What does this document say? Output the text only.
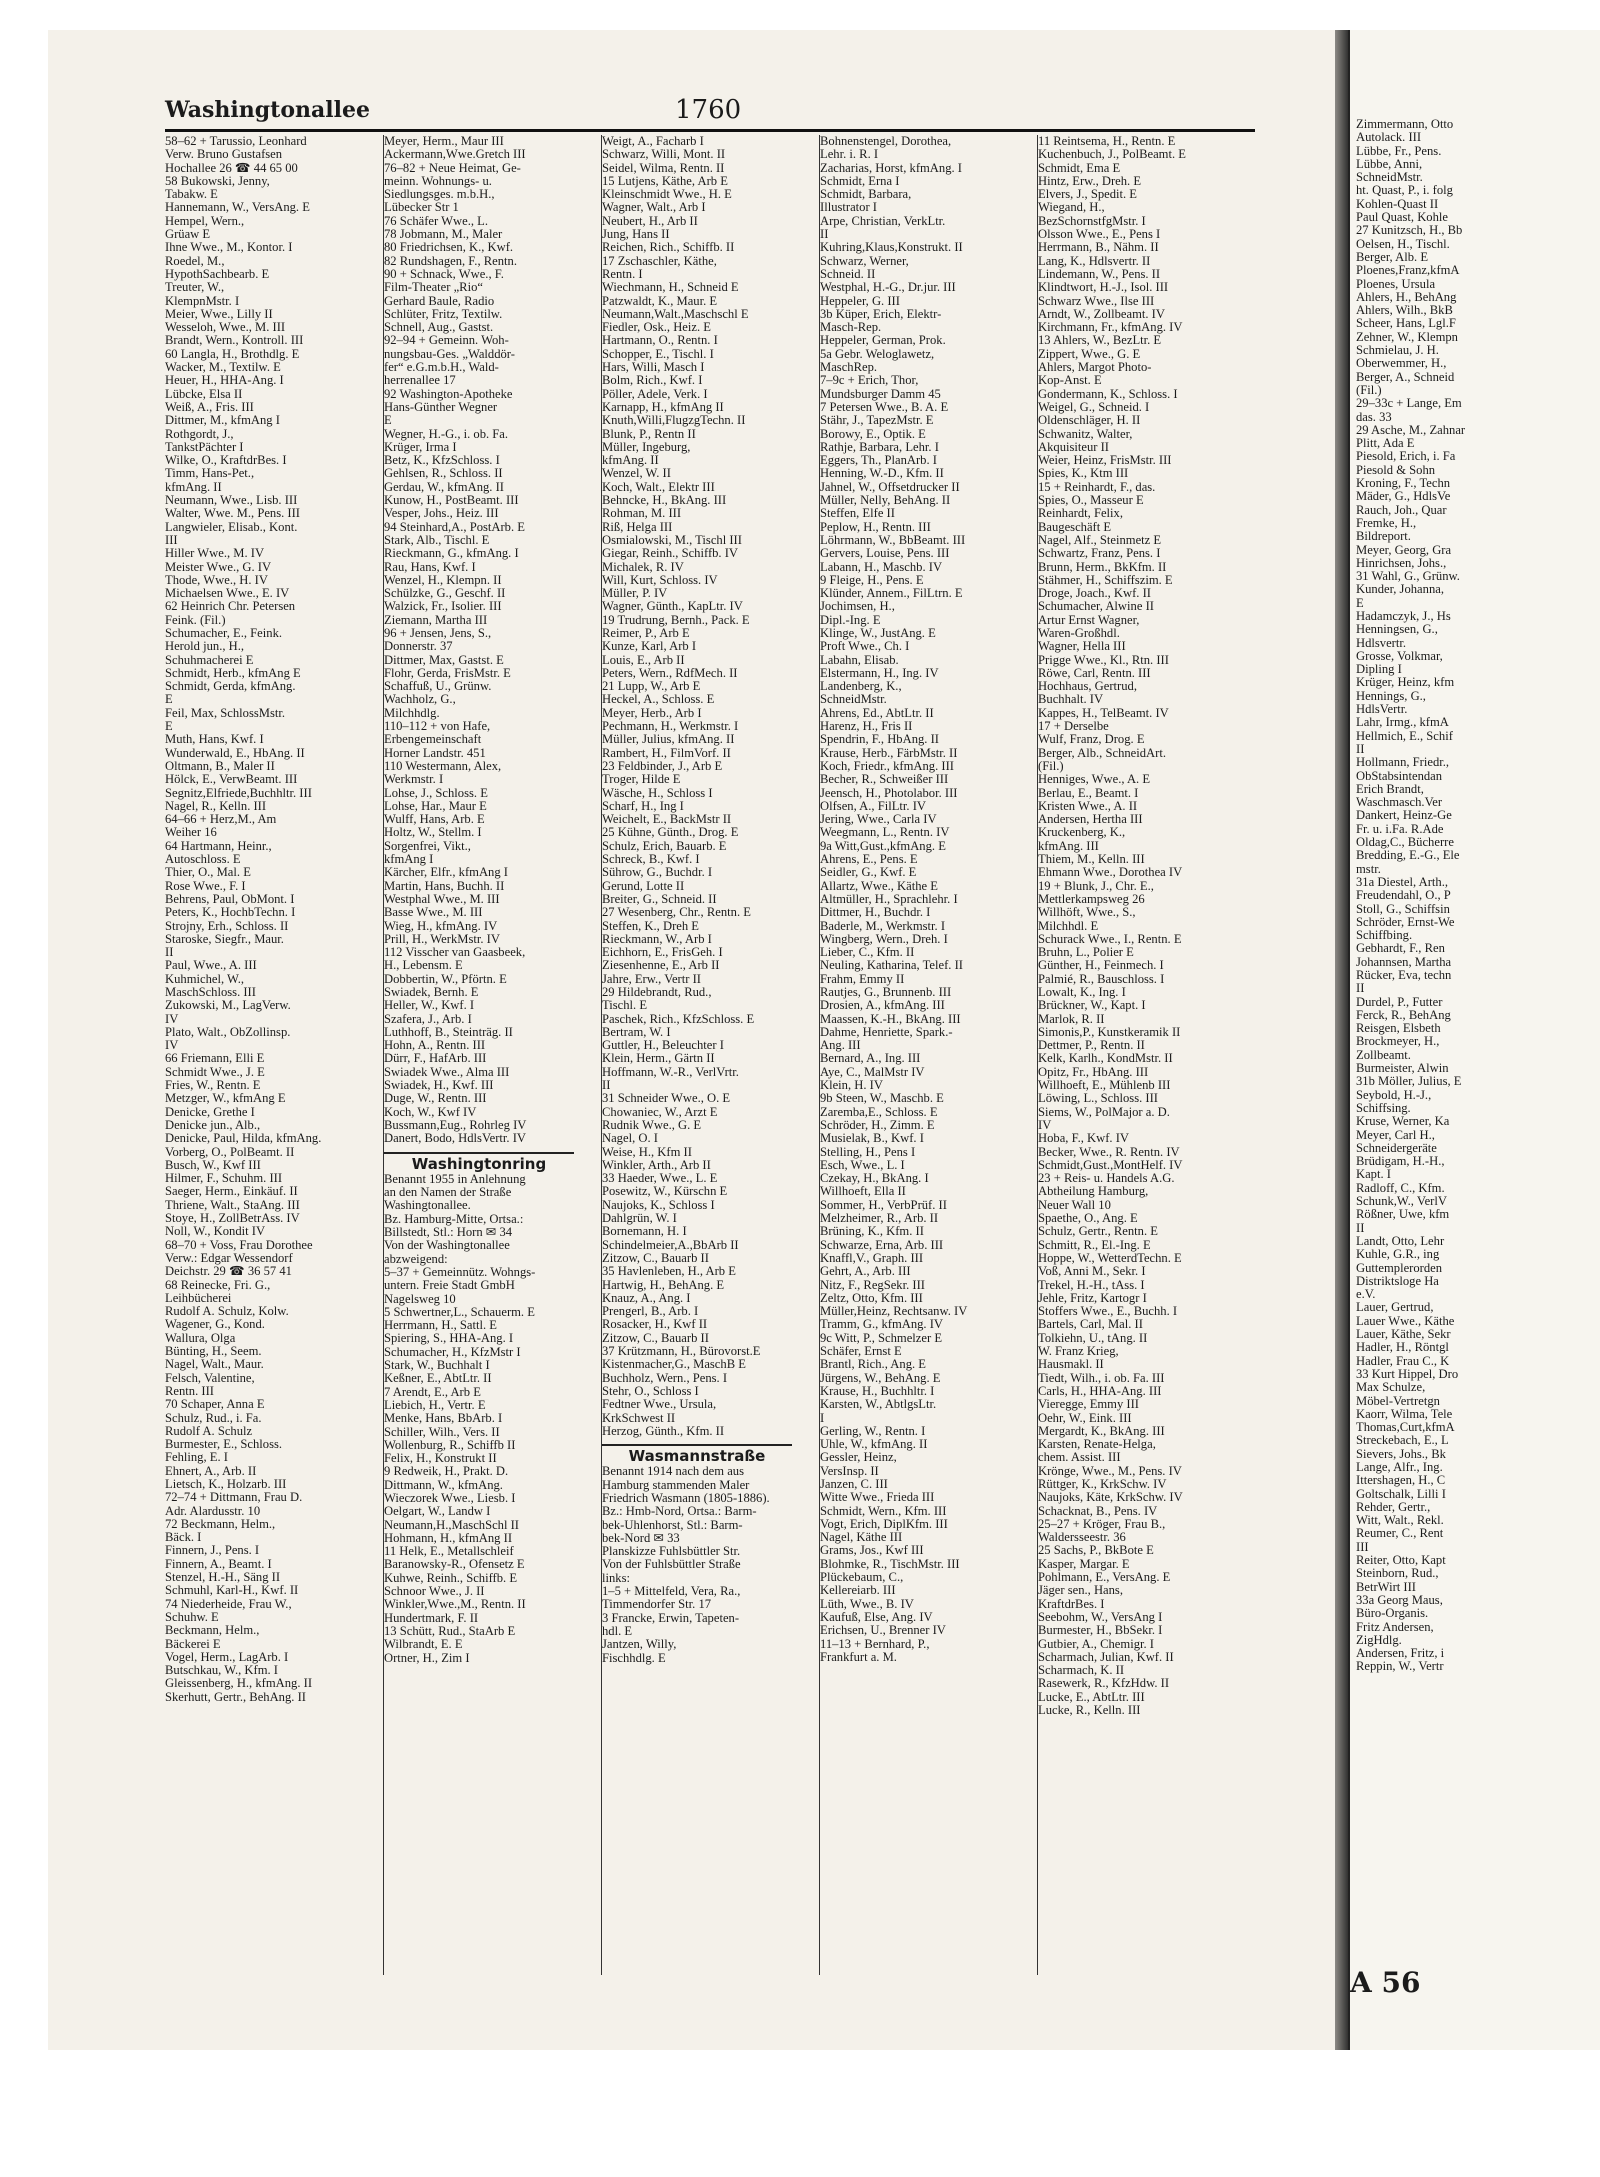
Washingtonallee	1760
58–62 + Tarussio, Leonhard
Verw. Bruno Gustafsen
Hochallee 26 ☎ 44 65 00
58 Bukowski, Jenny,
Tabakw. E
Hannemann, W., VersAng. E
Hempel, Wern.,
Grüaw E
Ihne Wwe., M., Kontor. I
Roedel, M.,
HypothSachbearb. E
Treuter, W.,
KlempnMstr. I
Meier, Wwe., Lilly II
Wesseloh, Wwe., M. III
Brandt, Wern., Kontroll. III
60 Langla, H., Brothdlg. E
Wacker, M., Textilw. E
Heuer, H., HHA-Ang. I
Lübcke, Elsa II
Weiß, A., Fris. III
Dittmer, M., kfmAng I
Rothgordt, J.,
TankstPächter I
Wilke, O., KraftdrBes. I
Timm, Hans-Pet.,
kfmAng. II
Neumann, Wwe., Lisb. III
Walter, Wwe. M., Pens. III
Langwieler, Elisab., Kont.
III
Hiller Wwe., M. IV
Meister Wwe., G. IV
Thode, Wwe., H. IV
Michaelsen Wwe., E. IV
62 Heinrich Chr. Petersen
Feink. (Fil.)
Schumacher, E., Feink.
Herold jun., H.,
Schuhmacherei E
Schmidt, Herb., kfmAng E
Schmidt, Gerda, kfmAng.
E
Feil, Max, SchlossMstr.
E
Muth, Hans, Kwf. I
Wunderwald, E., HbAng. II
Oltmann, B., Maler II
Hölck, E., VerwBeamt. III
Segnitz,Elfriede,Buchhltr. III
Nagel, R., Kelln. III
64–66 + Herz,M., Am
Weiher 16
64 Hartmann, Heinr.,
Autoschloss. E
Thier, O., Mal. E
Rose Wwe., F. I
Behrens, Paul, ObMont. I
Peters, K., HochbTechn. I
Strojny, Erh., Schloss. II
Staroske, Siegfr., Maur.
II
Paul, Wwe., A. III
Kuhmichel, W.,
MaschSchloss. III
Zukowski, M., LagVerw.
IV
Plato, Walt., ObZollinsp.
IV
66 Friemann, Elli E
Schmidt Wwe., J. E
Fries, W., Rentn. E
Metzger, W., kfmAng E
Denicke, Grethe I
Denicke jun., Alb.,
Denicke, Paul, Hilda, kfmAng.
Vorberg, O., PolBeamt. II
Busch, W., Kwf III
Hilmer, F., Schuhm. III
Saeger, Herm., Einkäuf. II
Thriene, Walt., StaAng. III
Stoye, H., ZollBetrAss. IV
Noll, W., Kondit IV
68–70 + Voss, Frau Dorothee
Verw.: Edgar Wessendorf
Deichstr. 29 ☎ 36 57 41
68 Reinecke, Fri. G.,
Leihbücherei
Rudolf A. Schulz, Kolw.
Wagener, G., Kond.
Wallura, Olga
Bünting, H., Seem.
Nagel, Walt., Maur.
Felsch, Valentine,
Rentn. III
70 Schaper, Anna E
Schulz, Rud., i. Fa.
Rudolf A. Schulz
Burmester, E., Schloss.
Fehling, E. I
Ehnert, A., Arb. II
Lietsch, K., Holzarb. III
72–74 + Dittmann, Frau D.
Adr. Alardusstr. 10
72 Beckmann, Helm.,
Bäck. I
Finnern, J., Pens. I
Finnern, A., Beamt. I
Stenzel, H.-H., Säng II
Schmuhl, Karl-H., Kwf. II
74 Niederheide, Frau W.,
Schuhw. E
Beckmann, Helm.,
Bäckerei E
Vogel, Herm., LagArb. I
Butschkau, W., Kfm. I
Gleissenberg, H., kfmAng. II
Skerhutt, Gertr., BehAng. II
Meyer, Herm., Maur III
Ackermann,Wwe.Gretch III
76–82 + Neue Heimat, Ge-
meinn. Wohnungs- u.
Siedlungsges. m.b.H.,
Lübecker Str 1
76 Schäfer Wwe., L.
78 Jobmann, M., Maler
80 Friedrichsen, K., Kwf.
82 Rundshagen, F., Rentn.
90 + Schnack, Wwe., F.
Film-Theater „Rio“
Gerhard Baule, Radio
Schlüter, Fritz, Textilw.
Schnell, Aug., Gastst.
92–94 + Gemeinn. Woh-
nungsbau-Ges. „Walddör-
fer“ e.G.m.b.H., Wald-
herrenallee 17
92 Washington-Apotheke
Hans-Günther Wegner
E
Wegner, H.-G., i. ob. Fa.
Krüger, Irma I
Betz, K., KfzSchloss. I
Gehlsen, R., Schloss. II
Gerdau, W., kfmAng. II
Kunow, H., PostBeamt. III
Vesper, Johs., Heiz. III
94 Steinhard,A., PostArb. E
Stark, Alb., Tischl. E
Rieckmann, G., kfmAng. I
Rau, Hans, Kwf. I
Wenzel, H., Klempn. II
Schülzke, G., Geschf. II
Walzick, Fr., Isolier. III
Ziemann, Martha III
96 + Jensen, Jens, S.,
Donnerstr. 37
Dittmer, Max, Gastst. E
Flohr, Gerda, FrisMstr. E
Schaffuß, U., Grünw.
Wachholz, G.,
Milchhdlg.
110–112 + von Hafe,
Erbengemeinschaft
Horner Landstr. 451
110 Westermann, Alex,
Werkmstr. I
Lohse, J., Schloss. E
Lohse, Har., Maur E
Wulff, Hans, Arb. E
Holtz, W., Stellm. I
Sorgenfrei, Vikt.,
kfmAng I
Kärcher, Elfr., kfmAng I
Martin, Hans, Buchh. II
Westphal Wwe., M. III
Basse Wwe., M. III
Wieg, H., kfmAng. IV
Prill, H., WerkMstr. IV
112 Visscher van Gaasbeek,
H., Lebensm. E
Dobbertin, W., Pförtn. E
Swiadek, Bernh. E
Heller, W., Kwf. I
Szafera, J., Arb. I
Luthhoff, B., Steinträg. II
Hohn, A., Rentn. III
Dürr, F., HafArb. III
Swiadek Wwe., Alma III
Swiadek, H., Kwf. III
Duge, W., Rentn. III
Koch, W., Kwf IV
Bussmann,Eug., Rohrleg IV
Danert, Bodo, HdlsVertr. IV
Washingtonring
Benannt 1955 in Anlehnung
an den Namen der Straße
Washingtonallee.
Bz. Hamburg-Mitte, Ortsa.:
Billstedt, Stl.: Horn ✉ 34
Von der Washingtonallee
abzweigend:
5–37 + Gemeinnütz. Wohngs-
untern. Freie Stadt GmbH
Nagelsweg 10
5 Schwertner,L., Schauerm. E
Herrmann, H., Sattl. E
Spiering, S., HHA-Ang. I
Schumacher, H., KfzMstr I
Stark, W., Buchhalt I
Keßner, E., AbtLtr. II
7 Arendt, E., Arb E
Liebich, H., Vertr. E
Menke, Hans, BbArb. I
Schiller, Wilh., Vers. II
Wollenburg, R., Schiffb II
Felix, H., Konstrukt II
9 Redweik, H., Prakt. D.
Dittmann, W., kfmAng.
Wieczorek Wwe., Liesb. I
Oelgart, W., Landw I
Neumann,H.,MaschSchl II
Hohmann, H., kfmAng II
11 Helk, E., Metallschleif
Baranowsky-R., Ofensetz E
Kuhwe, Reinh., Schiffb. E
Schnoor Wwe., J. II
Winkler,Wwe.,M., Rentn. II
Hundertmark, F. II
13 Schütt, Rud., StaArb E
Wilbrandt, E. E
Ortner, H., Zim I
Weigt, A., Facharb I
Schwarz, Willi, Mont. II
Seidel, Wilma, Rentn. II
15 Lutjens, Käthe, Arb E
Kleinschmidt Wwe., H. E
Wagner, Walt., Arb I
Neubert, H., Arb II
Jung, Hans II
Reichen, Rich., Schiffb. II
17 Zschaschler, Käthe,
Rentn. I
Wiechmann, H., Schneid E
Patzwaldt, K., Maur. E
Neumann,Walt.,Maschschl E
Fiedler, Osk., Heiz. E
Hartmann, O., Rentn. I
Schopper, E., Tischl. I
Hars, Willi, Masch I
Bolm, Rich., Kwf. I
Pöller, Adele, Verk. I
Karnapp, H., kfmAng II
Knuth,Willi,FlugzgTechn. II
Blunk, P., Rentn II
Müller, Ingeburg,
kfmAng. II
Wenzel, W. II
Koch, Walt., Elektr III
Behncke, H., BkAng. III
Rohman, M. III
Riß, Helga III
Osmialowski, M., Tischl III
Giegar, Reinh., Schiffb. IV
Michalek, R. IV
Will, Kurt, Schloss. IV
Müller, P. IV
Wagner, Günth., KapLtr. IV
19 Trudrung, Bernh., Pack. E
Reimer, P., Arb E
Kunze, Karl, Arb I
Louis, E., Arb II
Peters, Wern., RdfMech. II
21 Lupp, W., Arb E
Heckel, A., Schloss. E
Meyer, Herb., Arb I
Pechmann, H., Werkmstr. I
Müller, Julius, kfmAng. II
Rambert, H., FilmVorf. II
23 Feldbinder, J., Arb E
Troger, Hilde E
Wäsche, H., Schloss I
Scharf, H., Ing I
Weichelt, E., BackMstr II
25 Kühne, Günth., Drog. E
Schulz, Erich, Bauarb. E
Schreck, B., Kwf. I
Sührow, G., Buchdr. I
Gerund, Lotte II
Breiter, G., Schneid. II
27 Wesenberg, Chr., Rentn. E
Steffen, K., Dreh E
Rieckmann, W., Arb I
Eichhorn, E., FrisGeh. I
Ziesenhenne, E., Arb II
Jahre, Erw., Vertr II
29 Hildebrandt, Rud.,
Tischl. E
Paschek, Rich., KfzSchloss. E
Bertram, W. I
Guttler, H., Beleuchter I
Klein, Herm., Gärtn II
Hoffmann, W.-R., VerlVrtr.
II
31 Schneider Wwe., O. E
Chowaniec, W., Arzt E
Rudnik Wwe., G. E
Nagel, O. I
Weise, H., Kfm II
Winkler, Arth., Arb II
33 Haeder, Wwe., L. E
Posewitz, W., Kürschn E
Naujoks, K., Schloss I
Dahlgrün, W. I
Bornemann, H. I
Schindelmeier,A.,BbArb II
Zitzow, C., Bauarb II
35 Havlenleben, H., Arb E
Hartwig, H., BehAng. E
Knauz, A., Ang. I
Prengerl, B., Arb. I
Rosacker, H., Kwf II
Zitzow, C., Bauarb II
37 Krützmann, H., Bürovorst.E
Kistenmacher,G., MaschB E
Buchholz, Wern., Pens. I
Stehr, O., Schloss I
Fedtner Wwe., Ursula,
KrkSchwest II
Herzog, Günth., Kfm. II
Wasmannstraße
Benannt 1914 nach dem aus
Hamburg stammenden Maler
Friedrich Wasmann (1805-1886).
Bz.: Hmb-Nord, Ortsa.: Barm-
bek-Uhlenhorst, Stl.: Barm-
bek-Nord ✉ 33
Planskizze Fuhlsbüttler Str.
Von der Fuhlsbüttler Straße
links:
1–5 + Mittelfeld, Vera, Ra.,
Timmendorfer Str. 17
3 Francke, Erwin, Tapeten-
hdl. E
Jantzen, Willy,
Fischhdlg. E
Bohnenstengel, Dorothea,
Lehr. i. R. I
Zacharias, Horst, kfmAng. I
Schmidt, Erna I
Schmidt, Barbara,
Illustrator I
Arpe, Christian, VerkLtr.
II
Kuhring,Klaus,Konstrukt. II
Schwarz, Werner,
Schneid. II
Westphal, H.-G., Dr.jur. III
Heppeler, G. III
3b Küper, Erich, Elektr-
Masch-Rep.
Heppeler, German, Prok.
5a Gebr. Weloglawetz,
MaschRep.
7–9c + Erich, Thor,
Mundsburger Damm 45
7 Petersen Wwe., B. A. E
Stähr, J., TapezMstr. E
Borowy, E., Optik. E
Rathje, Barbara, Lehr. I
Eggers, Th., PlanArb. I
Henning, W.-D., Kfm. II
Jahnel, W., Offsetdrucker II
Müller, Nelly, BehAng. II
Steffen, Elfe II
Peplow, H., Rentn. III
Löhrmann, W., BbBeamt. III
Gervers, Louise, Pens. III
Labann, H., Maschb. IV
9 Fleige, H., Pens. E
Klünder, Annem., FilLtrn. E
Jochimsen, H.,
Dipl.-Ing. E
Klinge, W., JustAng. E
Proft Wwe., Ch. I
Labahn, Elisab.
Elstermann, H., Ing. IV
Landenberg, K.,
SchneidMstr.
Ahrens, Ed., AbtLtr. II
Harenz, H., Fris II
Spendrin, F., HbAng. II
Krause, Herb., FärbMstr. II
Koch, Friedr., kfmAng. III
Becher, R., Schweißer III
Jeensch, H., Photolabor. III
Olfsen, A., FilLtr. IV
Jering, Wwe., Carla IV
Weegmann, L., Rentn. IV
9a Witt,Gust.,kfmAng. E
Ahrens, E., Pens. E
Seidler, G., Kwf. E
Allartz, Wwe., Käthe E
Altmüller, H., Sprachlehr. I
Dittmer, H., Buchdr. I
Baderle, M., Werkmstr. I
Wingberg, Wern., Dreh. I
Lieber, C., Kfm. II
Neuling, Katharina, Telef. II
Frahm, Emmy II
Rautjes, G., Brunnenb. III
Drosien, A., kfmAng. III
Maassen, K.-H., BkAng. III
Dahme, Henriette, Spark.-
Ang. III
Bernard, A., Ing. III
Aye, C., MalMstr IV
Klein, H. IV
9b Steen, W., Maschb. E
Zaremba,E., Schloss. E
Schröder, H., Zimm. E
Musielak, B., Kwf. I
Stelling, H., Pens I
Esch, Wwe., L. I
Czekay, H., BkAng. I
Willhoeft, Ella II
Sommer, H., VerbPrüf. II
Melzheimer, R., Arb. II
Brüning, K., Kfm. II
Schwarze, Erna, Arb. III
Knaffl,V., Graph. III
Gehrt, A., Arb. III
Nitz, F., RegSekr. III
Zeltz, Otto, Kfm. III
Müller,Heinz, Rechtsanw. IV
Tramm, G., kfmAng. IV
9c Witt, P., Schmelzer E
Schäfer, Ernst E
Brantl, Rich., Ang. E
Jürgens, W., BehAng. E
Krause, H., Buchhltr. I
Karsten, W., AbtlgsLtr.
I
Gerling, W., Rentn. I
Uhle, W., kfmAng. II
Gessler, Heinz,
VersInsp. II
Janzen, C. III
Witte Wwe., Frieda III
Schmidt, Wern., Kfm. III
Vogt, Erich, DiplKfm. III
Nagel, Käthe III
Grams, Jos., Kwf III
Blohmke, R., TischMstr. III
Plückebaum, C.,
Kellereiarb. III
Lüth, Wwe., B. IV
Kaufuß, Else, Ang. IV
Erichsen, U., Brenner IV
11–13 + Bernhard, P.,
Frankfurt a. M.
11 Reintsema, H., Rentn. E
Kuchenbuch, J., PolBeamt. E
Schmidt, Ema E
Hintz, Erw., Dreh. E
Elvers, J., Spedit. E
Wiegand, H.,
BezSchornstfgMstr. I
Olsson Wwe., E., Pens I
Herrmann, B., Nähm. II
Lang, K., Hdlsvertr. II
Lindemann, W., Pens. II
Klindtwort, H.-J., Isol. III
Schwarz Wwe., Ilse III
Arndt, W., Zollbeamt. IV
Kirchmann, Fr., kfmAng. IV
13 Ahlers, W., BezLtr. E
Zippert, Wwe., G. E
Ahlers, Margot Photo-
Kop-Anst. E
Gondermann, K., Schloss. I
Weigel, G., Schneid. I
Oldenschläger, H. II
Schwanitz, Walter,
Akquisiteur II
Weier, Heinz, FrisMstr. III
Spies, K., Ktm III
15 + Reinhardt, F., das.
Spies, O., Masseur E
Reinhardt, Felix,
Baugeschäft E
Nagel, Alf., Steinmetz E
Schwartz, Franz, Pens. I
Brunn, Herm., BkKfm. II
Stähmer, H., Schiffszim. E
Droge, Joach., Kwf. II
Schumacher, Alwine II
Artur Ernst Wagner,
Waren-Großhdl.
Wagner, Hella III
Prigge Wwe., Kl., Rtn. III
Röwe, Carl, Rentn. III
Hochhaus, Gertrud,
Buchhalt. IV
Kappes, H., TelBeamt. IV
17 + Derselbe
Wulf, Franz, Drog. E
Berger, Alb., SchneidArt.
(Fil.)
Henniges, Wwe., A. E
Berlau, E., Beamt. I
Kristen Wwe., A. II
Andersen, Hertha III
Kruckenberg, K.,
kfmAng. III
Thiem, M., Kelln. III
Ehmann Wwe., Dorothea IV
19 + Blunk, J., Chr. E.,
Mettlerkampsweg 26
Willhöft, Wwe., S.,
Milchhdl. E
Schurack Wwe., I., Rentn. E
Bruhn, L., Polier E
Günther, H., Feinmech. I
Palmié, R., Bauschloss. I
Lowalt, K., Ing. I
Brückner, W., Kapt. I
Marlok, R. II
Simonis,P., Kunstkeramik II
Dettmer, P., Rentn. II
Kelk, Karlh., KondMstr. II
Opitz, Fr., HbAng. III
Willhoeft, E., Mühlenb III
Löwing, L., Schloss. III
Siems, W., PolMajor a. D.
IV
Hoba, F., Kwf. IV
Becker, Wwe., R. Rentn. IV
Schmidt,Gust.,MontHelf. IV
23 + Reis- u. Handels A.G.
Abtheilung Hamburg,
Neuer Wall 10
Spaethe, O., Ang. E
Schulz, Gertr., Rentn. E
Schmitt, R., El.-Ing. E
Hoppe, W., WetterdTechn. E
Voß, Anni M., Sekr. I
Trekel, H.-H., tAss. I
Jehle, Fritz, Kartogr I
Stoffers Wwe., E., Buchh. I
Bartels, Carl, Mal. II
Tolkiehn, U., tAng. II
W. Franz Krieg,
Hausmakl. II
Tiedt, Wilh., i. ob. Fa. III
Carls, H., HHA-Ang. III
Vieregge, Emmy III
Oehr, W., Eink. III
Mergardt, K., BkAng. III
Karsten, Renate-Helga,
chem. Assist. III
Krönge, Wwe., M., Pens. IV
Rüttger, K., KrkSchw. IV
Naujoks, Käte, KrkSchw. IV
Schacknat, B., Pens. IV
25–27 + Kröger, Frau B.,
Waldersseestr. 36
25 Sachs, P., BkBote E
Kasper, Margar. E
Pohlmann, E., VersAng. E
Jäger sen., Hans,
KraftdrBes. I
Seebohm, W., VersAng I
Burmester, H., BbSekr. I
Gutbier, A., Chemigr. I
Scharmach, Julian, Kwf. II
Scharmach, K. II
Rasewerk, R., KfzHdw. II
Lucke, E., AbtLtr. III
Lucke, R., Kelln. III
Zimmermann, Otto
Autolack. III
Lübbe, Fr., Pens.
Lübbe, Anni,
SchneidMstr.
ht. Quast, P., i. folg
Kohlen-Quast II
Paul Quast, Kohle
27 Kunitzsch, H., Bb
Oelsen, H., Tischl.
Berger, Alb. E
Ploenes,Franz,kfmA
Ploenes, Ursula
Ahlers, H., BehAng
Ahlers, Wilh., BkB
Scheer, Hans, Lgl.F
Zehner, W., Klempn
Schmielau, J. H.
Oberwemmer, H.,
Berger, A., Schneid
(Fil.)
29–33c + Lange, Em
das. 33
29 Asche, M., Zahnar
Plitt, Ada E
Piesold, Erich, i. Fa
Piesold & Sohn
Kroning, F., Techn
Mäder, G., HdlsVe
Rauch, Joh., Quar
Fremke, H.,
Bildreport.
Meyer, Georg, Gra
Hinrichsen, Johs.,
31 Wahl, G., Grünw.
Kunder, Johanna,
E
Hadamczyk, J., Hs
Henningsen, G.,
Hdlsvertr.
Grosse, Volkmar,
Dipling I
Krüger, Heinz, kfm
Hennings, G.,
HdlsVertr.
Lahr, Irmg., kfmA
Hellmich, E., Schif
II
Hollmann, Friedr.,
ObStabsintendan
Erich Brandt,
Waschmasch.Ver
Dankert, Heinz-Ge
Fr. u. i.Fa. R.Ade
Oldag,C., Bücherre
Bredding, E.-G., Ele
mstr.
31a Diestel, Arth.,
Freudendahl, O., P
Stoll, G., Schiffsin
Schröder, Ernst-We
Schiffbing.
Gebhardt, F., Ren
Johannsen, Martha
Rücker, Eva, techn
II
Durdel, P., Futter
Ferck, R., BehAng
Reisgen, Elsbeth
Brockmeyer, H.,
Zollbeamt.
Burmeister, Alwin
31b Möller, Julius, E
Seybold, H.-J.,
Schiffsing.
Kruse, Werner, Ka
Meyer, Carl H.,
Schneidergeräte
Brüdigam, H.-H.,
Kapt. I
Radloff, C., Kfm.
Schunk,W., VerlV
Rößner, Uwe, kfm
II
Landt, Otto, Lehr
Kuhle, G.R., ing
Guttemplerorden
Distriktsloge Ha
e.V.
Lauer, Gertrud,
Lauer Wwe., Käthe
Lauer, Käthe, Sekr
Hadler, H., Röntgl
Hadler, Frau C., K
33 Kurt Hippel, Dro
Max Schulze,
Möbel-Vertretgn
Kaorr, Wilma, Tele
Thomas,Curt,kfmA
Streckebach, E., L
Sievers, Johs., Bk
Lange, Alfr., Ing.
Ittershagen, H., C
Goltschalk, Lilli I
Rehder, Gertr.,
Witt, Walt., Rekl.
Reumer, C., Rent
III
Reiter, Otto, Kapt
Steinborn, Rud.,
BetrWirt III
33a Georg Maus,
Büro-Organis.
Fritz Andersen,
ZigHdlg.
Andersen, Fritz, i
Reppin, W., Vertr
A 56
